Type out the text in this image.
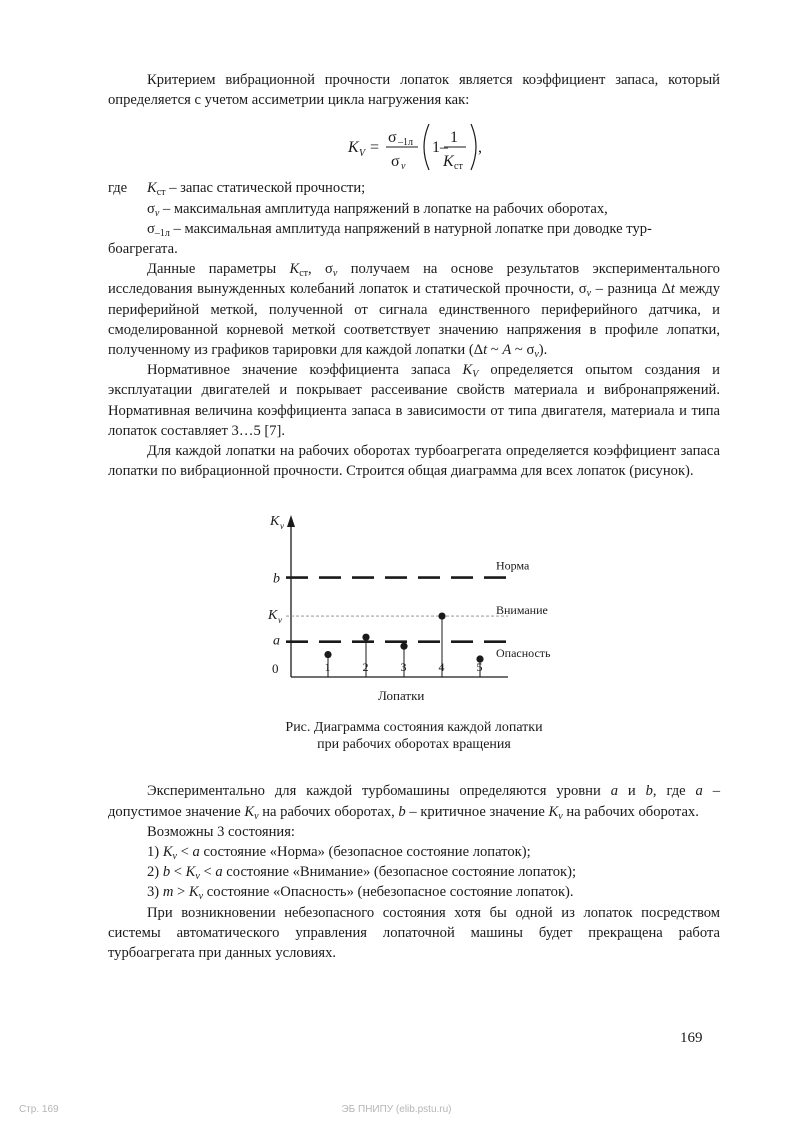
Критерием вибрационной прочности лопаток является коэффициент запаса, который определяется с учетом ассиметрии цикла нагружения как:

K V =
σ –1л
σ v
1–
1
K ст
,
где	$K_{ст}$ – запас статической прочности;
$\sigma_v$ – максимальная амплитуда напряжений в лопатке на рабочих оборотах,
$\sigma_{-1л}$ – максимальная амплитуда напряжений в натурной лопатке при доводке тур-
боагрегата.

Данные параметры $K_{ст}$, $\sigma_v$ получаем на основе результатов экспериментального исследования вынужденных колебаний лопаток и статической прочности, $\sigma_v$ – разница Δt между периферийной меткой, полученной от сигнала единственного периферийного датчика, и смоделированной корневой меткой соответствует значению напряжения в профиле лопатки, полученному из графиков тарировки для каждой лопатки (Δt ~ A ~ $\sigma_v$).

Нормативное значение коэффициента запаса $K_V$ определяется опытом создания и эксплуатации двигателей и покрывает рассеивание свойств материала и вибронапряжений. Нормативная величина коэффициента запаса в зависимости от типа двигателя, материала и типа лопаток составляет 3…5 [7].

Для каждой лопатки на рабочих оборотах турбоагрегата определяется коэффициент запаса лопатки по вибрационной прочности. Строится общая диаграмма для всех лопаток (рисунок).

K v
0
b
K v
a
Норма
Внимание
Опасность
1	2	3	4	5
Лопатки
Рис. Диаграмма состояния каждой лопатки
при рабочих оборотах вращения

Экспериментально для каждой турбомашины определяются уровни a и b, где a – допустимое значение $K_v$ на рабочих оборотах, b – критичное значение $K_v$ на рабочих оборотах.

Возможны 3 состояния:

1) $K_v < a$ состояние «Норма» (безопасное состояние лопаток);
2) $b < K_v < a$ состояние «Внимание» (безопасное состояние лопаток);
3) $m > K_v$ состояние «Опасность» (небезопасное состояние лопаток).

При возникновении небезопасного состояния хотя бы одной из лопаток посредством системы автоматического управления лопаточной машины будет прекращена работа турбоагрегата при данных условиях.

169
Стр. 169	ЭБ ПНИПУ (elib.pstu.ru)
